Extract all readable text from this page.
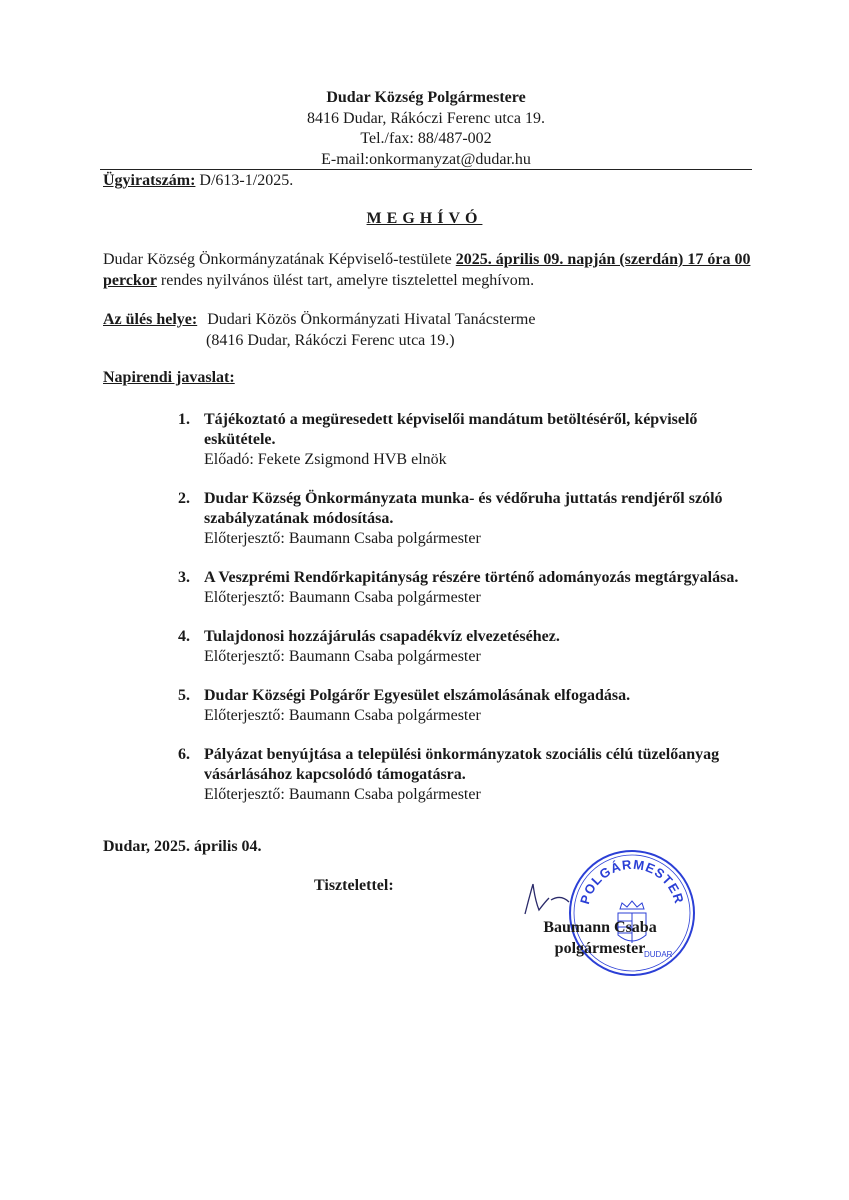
Dudar Község Polgármestere
8416 Dudar, Rákóczi Ferenc utca 19.
Tel./fax: 88/487-002
E-mail:onkormanyzat@dudar.hu
Ügyiratszám: D/613-1/2025.
MEGHÍVÓ
Dudar Község Önkormányzatának Képviselő-testülete 2025. április 09. napján (szerdán) 17 óra 00 perckor rendes nyilvános ülést tart, amelyre tisztelettel meghívom.
Az ülés helye: Dudari Közös Önkormányzati Hivatal Tanácsterme
(8416 Dudar, Rákóczi Ferenc utca 19.)
Napirendi javaslat:
1. Tájékoztató a megüresedett képviselői mandátum betöltéséről, képviselő eskütétele.
Előadó: Fekete Zsigmond HVB elnök
2. Dudar Község Önkormányzata munka- és védőruha juttatás rendjéről szóló szabályzatának módosítása.
Előterjesztő: Baumann Csaba polgármester
3. A Veszprémi Rendőrkapitányság részére történő adományozás megtárgyalása.
Előterjesztő: Baumann Csaba polgármester
4. Tulajdonosi hozzájárulás csapadékvíz elvezetéséhez.
Előterjesztő: Baumann Csaba polgármester
5. Dudar Községi Polgárőr Egyesület elszámolásának elfogadása.
Előterjesztő: Baumann Csaba polgármester
6. Pályázat benyújtása a települési önkormányzatok szociális célú tüzelőanyag vásárlásához kapcsolódó támogatásra.
Előterjesztő: Baumann Csaba polgármester
Dudar, 2025. április 04.
Tisztelettel:
POLGÁRMESTER
DUDAR
Baumann Csaba
polgármester
